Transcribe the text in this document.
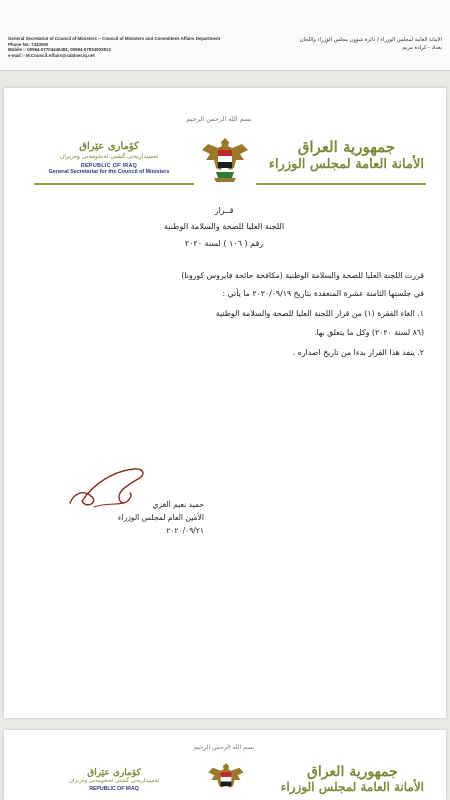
General Secretariat of Council of Ministers -- Council of Ministers and Committees Affairs Department
Phone No: 7433050
Mobile :- 00964-07704446481, 00964-07834002813
e-mail :- M.Council.Affairs@cabinet.iq.net
الامانة العامة لمجلس الوزراء / دائرة شؤون مجلس الوزراء واللجان
بغداد - كرادة مريم
بسم الله الرحمن الرحيم
جمهورية العراق
الأمانة العامة لمجلس الوزراء
كۆماری عێراق
ئەمینداریەتی گشتی ئەنجومەنی وەزیران
REPUBLIC OF IRAQ
General Secretariat for the Council of Ministers
قــرار
اللجنة العليا للصحة والسلامة الوطنية
رقم ( ١٠٦ ) لسنة ٢٠٢٠
قررت اللجنة العليا للصحة والسلامة الوطنية (مكافحة جائحة فايروس كورونا)
في جلستها الثامنة عشرة المنعقدة بتاريخ ٢٠٢٠/٠٩/١٩ ما يأتي :
١. الغاء الفقرة (١) من قرار اللجنة العليا للصحة والسلامة الوطنية
(٨٦ لسنة ٢٠٢٠) وكل ما يتعلق بها.
٢. ينفذ هذا القرار بدءا من تاريخ اصداره .
حميد نعيم الغزي
الأمين العام لمجلس الوزراء
٢٠٢٠/٠٩/٢١
بسم الله الرحمن الرحيم
جمهورية العراق
الأمانة العامة لمجلس الوزراء
كۆماری عێراق
ئەمینداریەتی گشتی ئەنجومەنی وەزیران
REPUBLIC OF IRAQ
